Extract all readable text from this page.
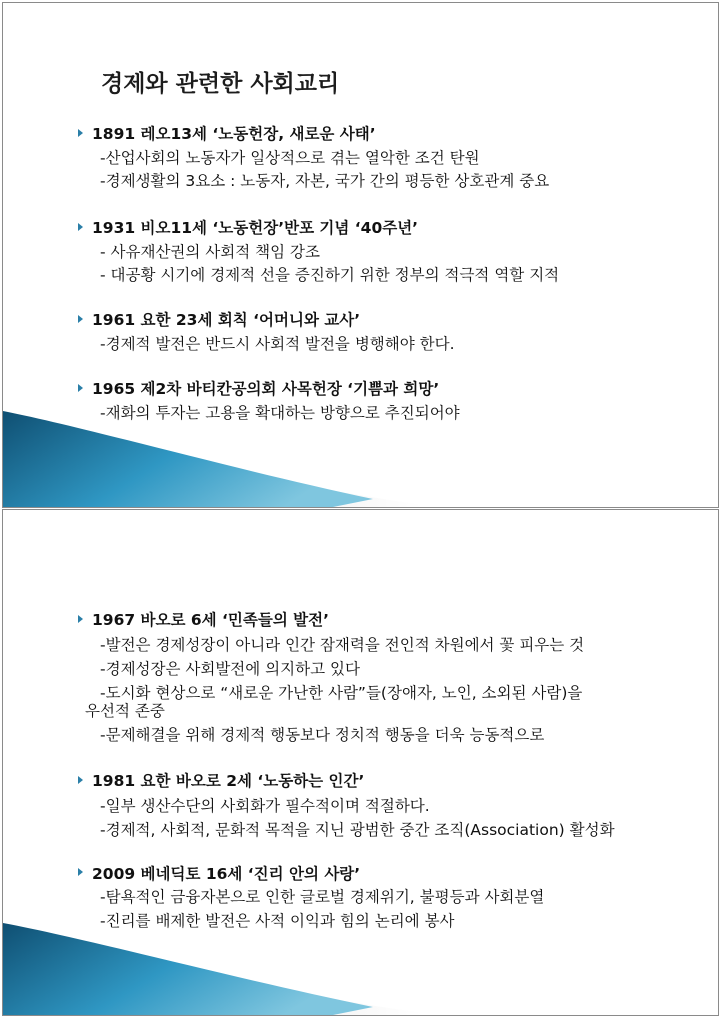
경제와 관련한 사회교리
1891 레오13세 ‘노동헌장, 새로운 사태’
-산업사회의 노동자가 일상적으로 겪는 열악한 조건 탄원
-경제생활의 3요소 : 노동자, 자본, 국가 간의 평등한 상호관계 중요
1931 비오11세 ‘노동헌장’반포 기념 ‘40주년’
- 사유재산권의 사회적 책임 강조
- 대공황 시기에 경제적 선을 증진하기 위한 정부의 적극적 역할 지적
1961 요한 23세 회칙 ‘어머니와 교사’
-경제적 발전은 반드시 사회적 발전을 병행해야 한다.
1965 제2차 바티칸공의회 사목헌장 ‘기쁨과 희망’
-재화의 투자는 고용을 확대하는 방향으로 추진되어야
1967 바오로 6세 ‘민족들의 발전’
-발전은 경제성장이 아니라 인간 잠재력을 전인적 차원에서 꽃 피우는 것
-경제성장은 사회발전에 의지하고 있다
-도시화 현상으로 “새로운 가난한 사람”들(장애자, 노인, 소외된 사람)을
우선적 존중
-문제해결을 위해 경제적 행동보다 정치적 행동을 더욱 능동적으로
1981 요한 바오로 2세 ‘노동하는 인간’
-일부 생산수단의 사회화가 필수적이며 적절하다.
-경제적, 사회적, 문화적 목적을 지닌 광범한 중간 조직(Association) 활성화
2009 베네딕토 16세 ‘진리 안의 사랑’
-탐욕적인 금융자본으로 인한 글로벌 경제위기, 불평등과 사회분열
-진리를 배제한 발전은 사적 이익과 힘의 논리에 봉사
